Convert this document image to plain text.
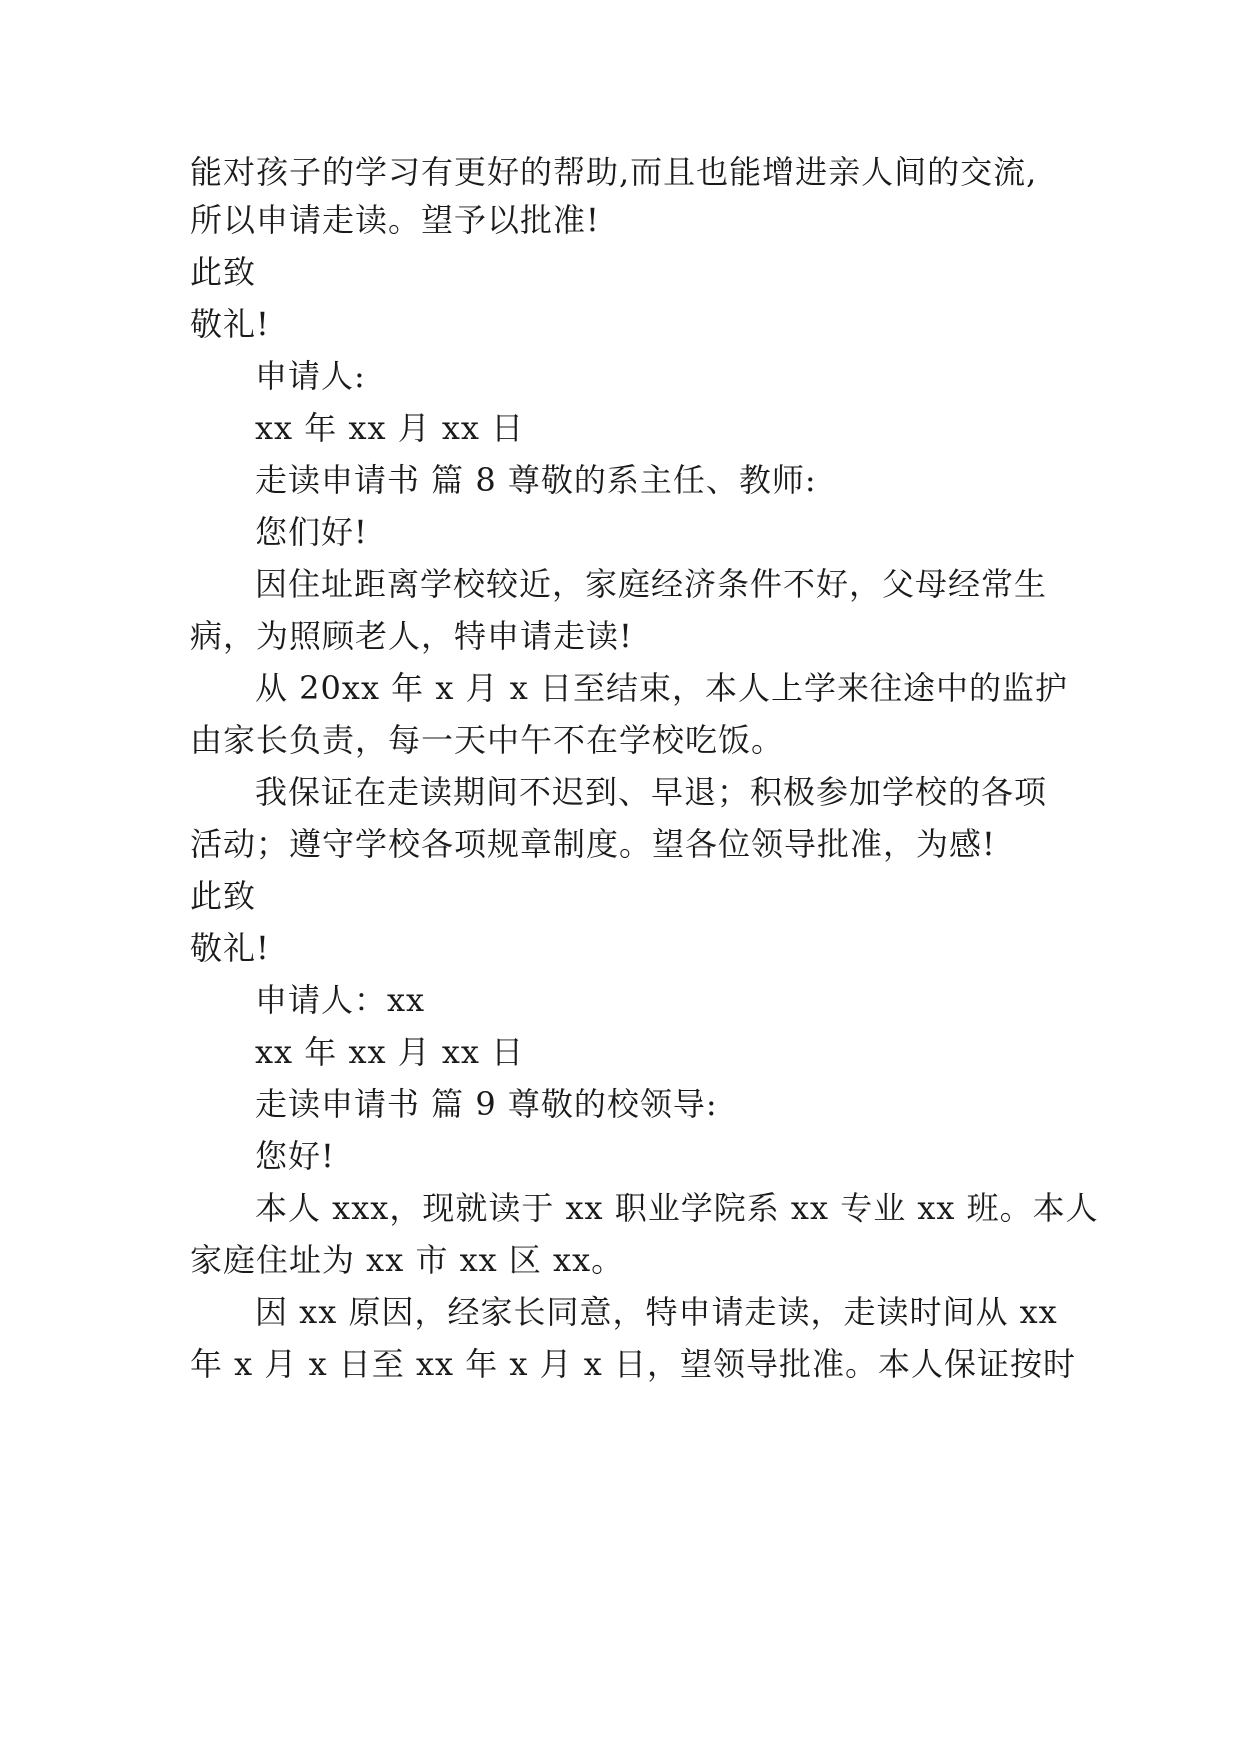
能对孩子的学习有更好的帮助,而且也能增进亲人间的交流,
所以申请走读。望予以批准!
此致
敬礼!
申请人:
xx 年 xx 月 xx 日
走读申请书 篇 8 尊敬的系主任、教师:
您们好!
因住址距离学校较近，家庭经济条件不好，父母经常生
病，为照顾老人，特申请走读!
从 20xx 年 x 月 x 日至结束，本人上学来往途中的监护
由家长负责，每一天中午不在学校吃饭。
我保证在走读期间不迟到、早退；积极参加学校的各项
活动；遵守学校各项规章制度。望各位领导批准，为感!
此致
敬礼!
申请人：xx
xx 年 xx 月 xx 日
走读申请书 篇 9 尊敬的校领导:
您好!
本人 xxx，现就读于 xx 职业学院系 xx 专业 xx 班。本人
家庭住址为 xx 市 xx 区 xx。
因 xx 原因，经家长同意，特申请走读，走读时间从 xx
年 x 月 x 日至 xx 年 x 月 x 日，望领导批准。本人保证按时
